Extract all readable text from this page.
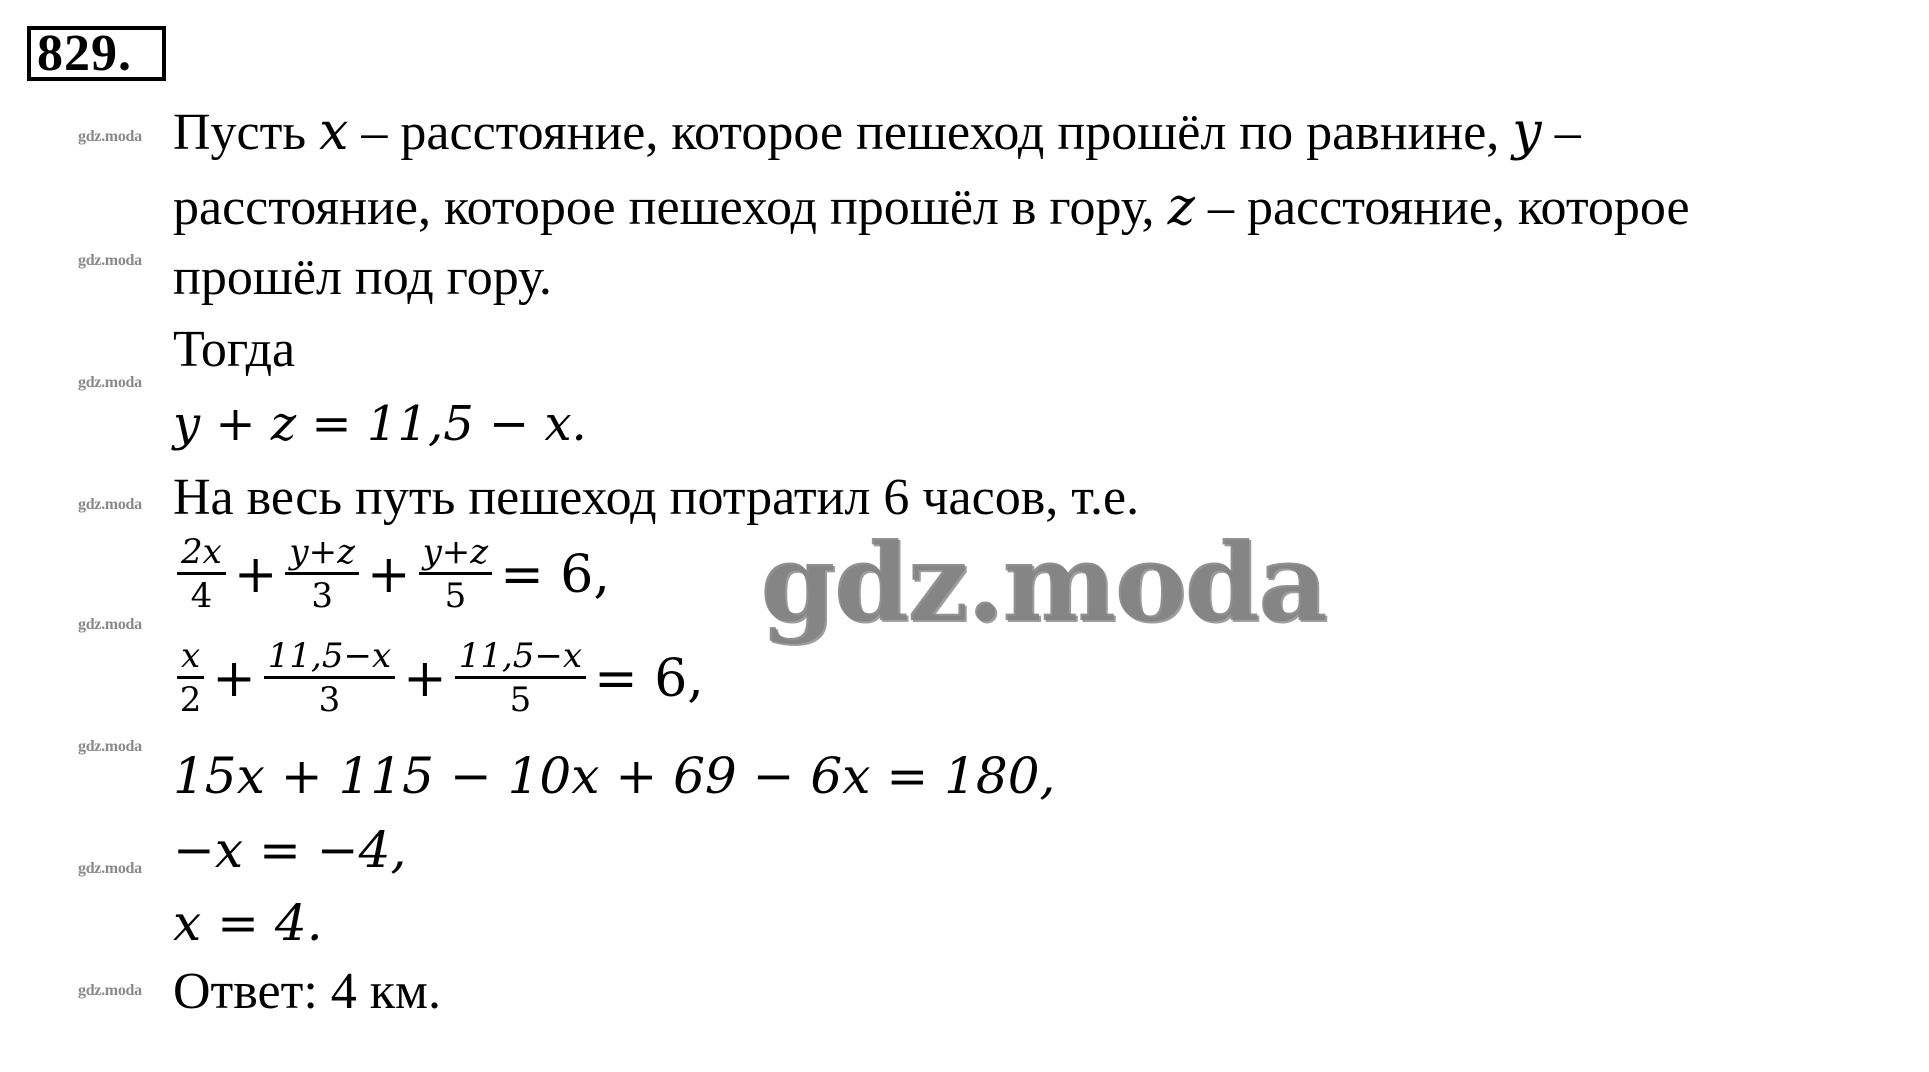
829.
gdz.moda
gdz.moda
gdz.moda
gdz.moda
gdz.moda
gdz.moda
gdz.moda
gdz.moda
Пусть x – расстояние, которое пешеход прошёл по равнине, y –
расстояние, которое пешеход прошёл в гору, z – расстояние, которое
прошёл под гору.
Тогда
y + z = 11,5 − x.
На весь путь пешеход потратил 6 часов, т.е.
$\frac{2x}{4} + \frac{y+z}{3} + \frac{y+z}{5} = 6$,
$\frac{x}{2} + \frac{11,5-x}{3} + \frac{11,5-x}{5} = 6$,
15x + 115 − 10x + 69 − 6x = 180,
−x = −4,
x = 4.
Ответ: 4 км.
gdz.moda
